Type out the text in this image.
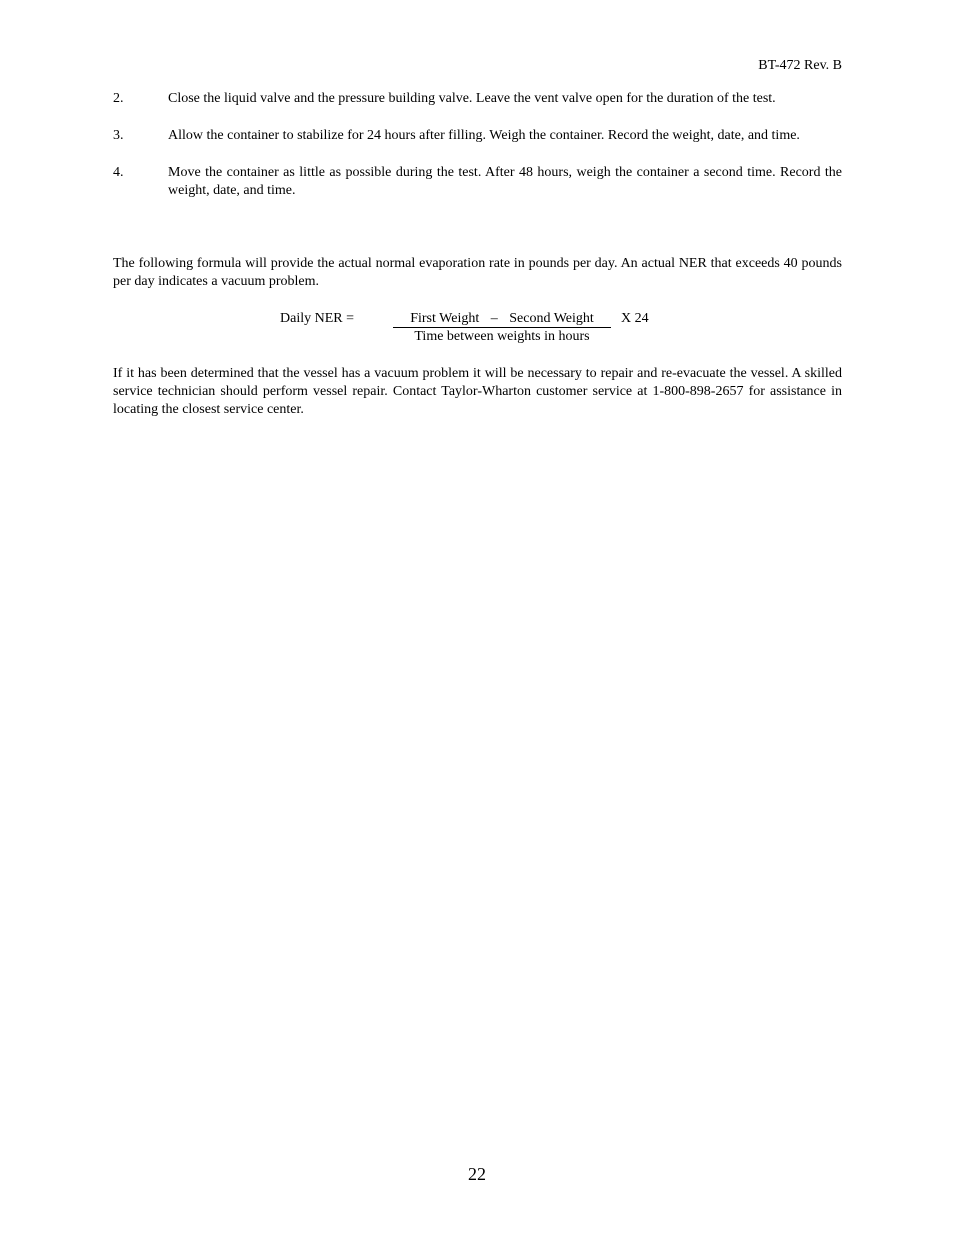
BT-472 Rev. B
2.	Close the liquid valve and the pressure building valve. Leave the vent valve open for the duration of the test.
3.	Allow the container to stabilize for 24 hours after filling. Weigh the container. Record the weight, date, and time.
4.	Move the container as little as possible during the test. After 48 hours, weigh the container a second time. Record the weight, date, and time.
The following formula will provide the actual normal evaporation rate in pounds per day. An actual NER that exceeds 40 pounds per day indicates a vacuum problem.
Daily NER =	First Weight – Second Weight
Time between weights in hours
X 24
If it has been determined that the vessel has a vacuum problem it will be necessary to repair and re-evacuate the vessel. A skilled service technician should perform vessel repair. Contact Taylor-Wharton customer service at 1-800-898-2657 for assistance in locating the closest service center.
22
